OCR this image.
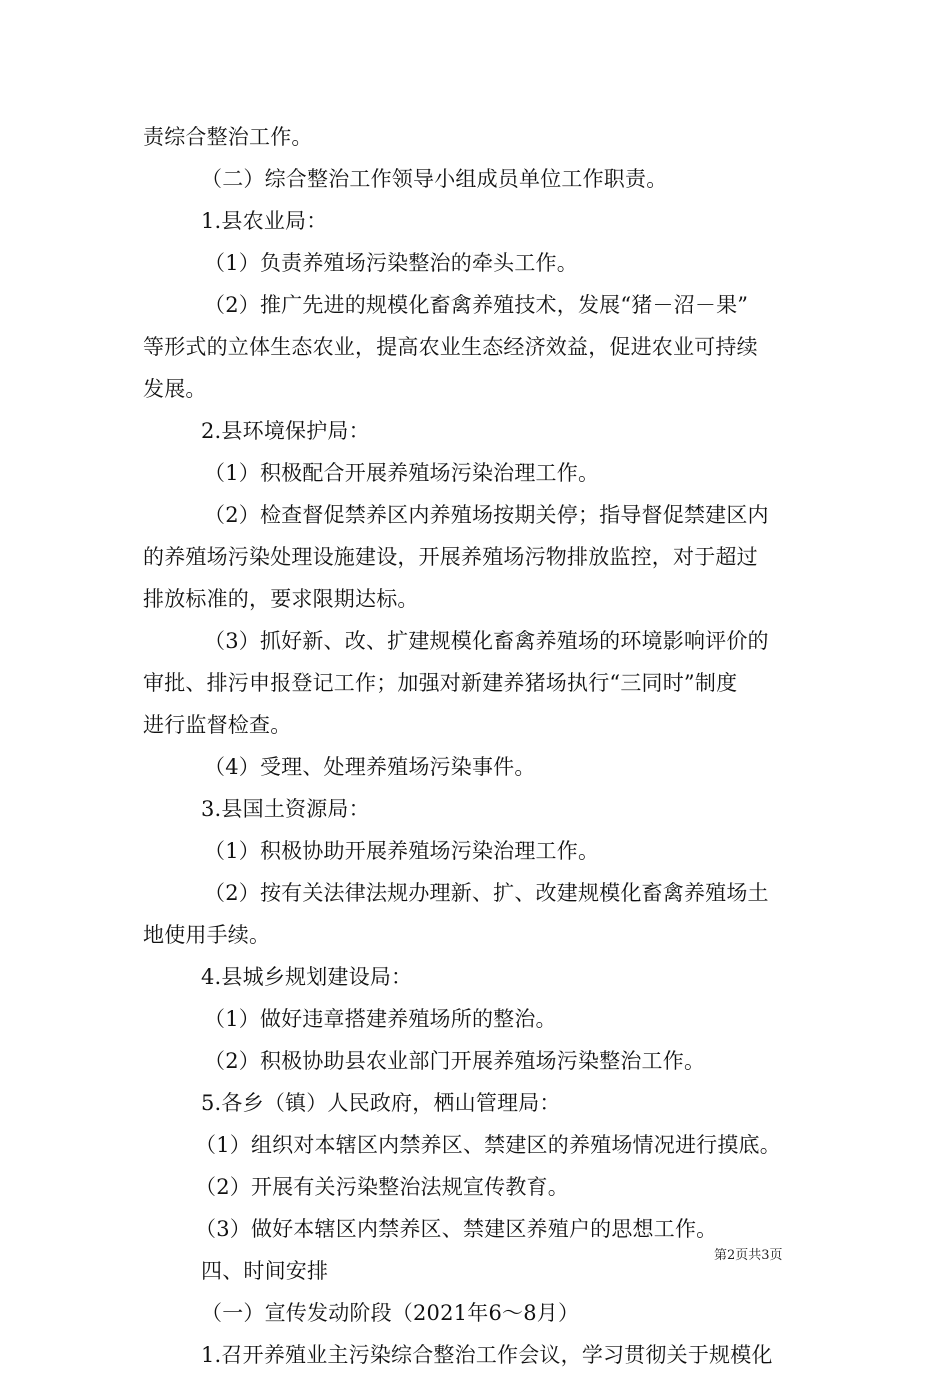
责综合整治工作。
（二）综合整治工作领导小组成员单位工作职责。
1.县农业局：
（1）负责养殖场污染整治的牵头工作。
（2）推广先进的规模化畜禽养殖技术，发展“猪－沼－果”
等形式的立体生态农业，提高农业生态经济效益，促进农业可持续
发展。
2.县环境保护局：
（1）积极配合开展养殖场污染治理工作。
（2）检查督促禁养区内养殖场按期关停；指导督促禁建区内
的养殖场污染处理设施建设，开展养殖场污物排放监控，对于超过
排放标准的，要求限期达标。
（3）抓好新、改、扩建规模化畜禽养殖场的环境影响评价的
审批、排污申报登记工作；加强对新建养猪场执行“三同时”制度
进行监督检查。
（4）受理、处理养殖场污染事件。
3.县国土资源局：
（1）积极协助开展养殖场污染治理工作。
（2）按有关法律法规办理新、扩、改建规模化畜禽养殖场土
地使用手续。
4.县城乡规划建设局：
（1）做好违章搭建养殖场所的整治。
（2）积极协助县农业部门开展养殖场污染整治工作。
5.各乡（镇）人民政府，栖山管理局：
（1）组织对本辖区内禁养区、禁建区的养殖场情况进行摸底。
（2）开展有关污染整治法规宣传教育。
（3）做好本辖区内禁养区、禁建区养殖户的思想工作。
四、时间安排
（一）宣传发动阶段（2021年6～8月）
1.召开养殖业主污染综合整治工作会议，学习贯彻关于规模化
第2页共3页
